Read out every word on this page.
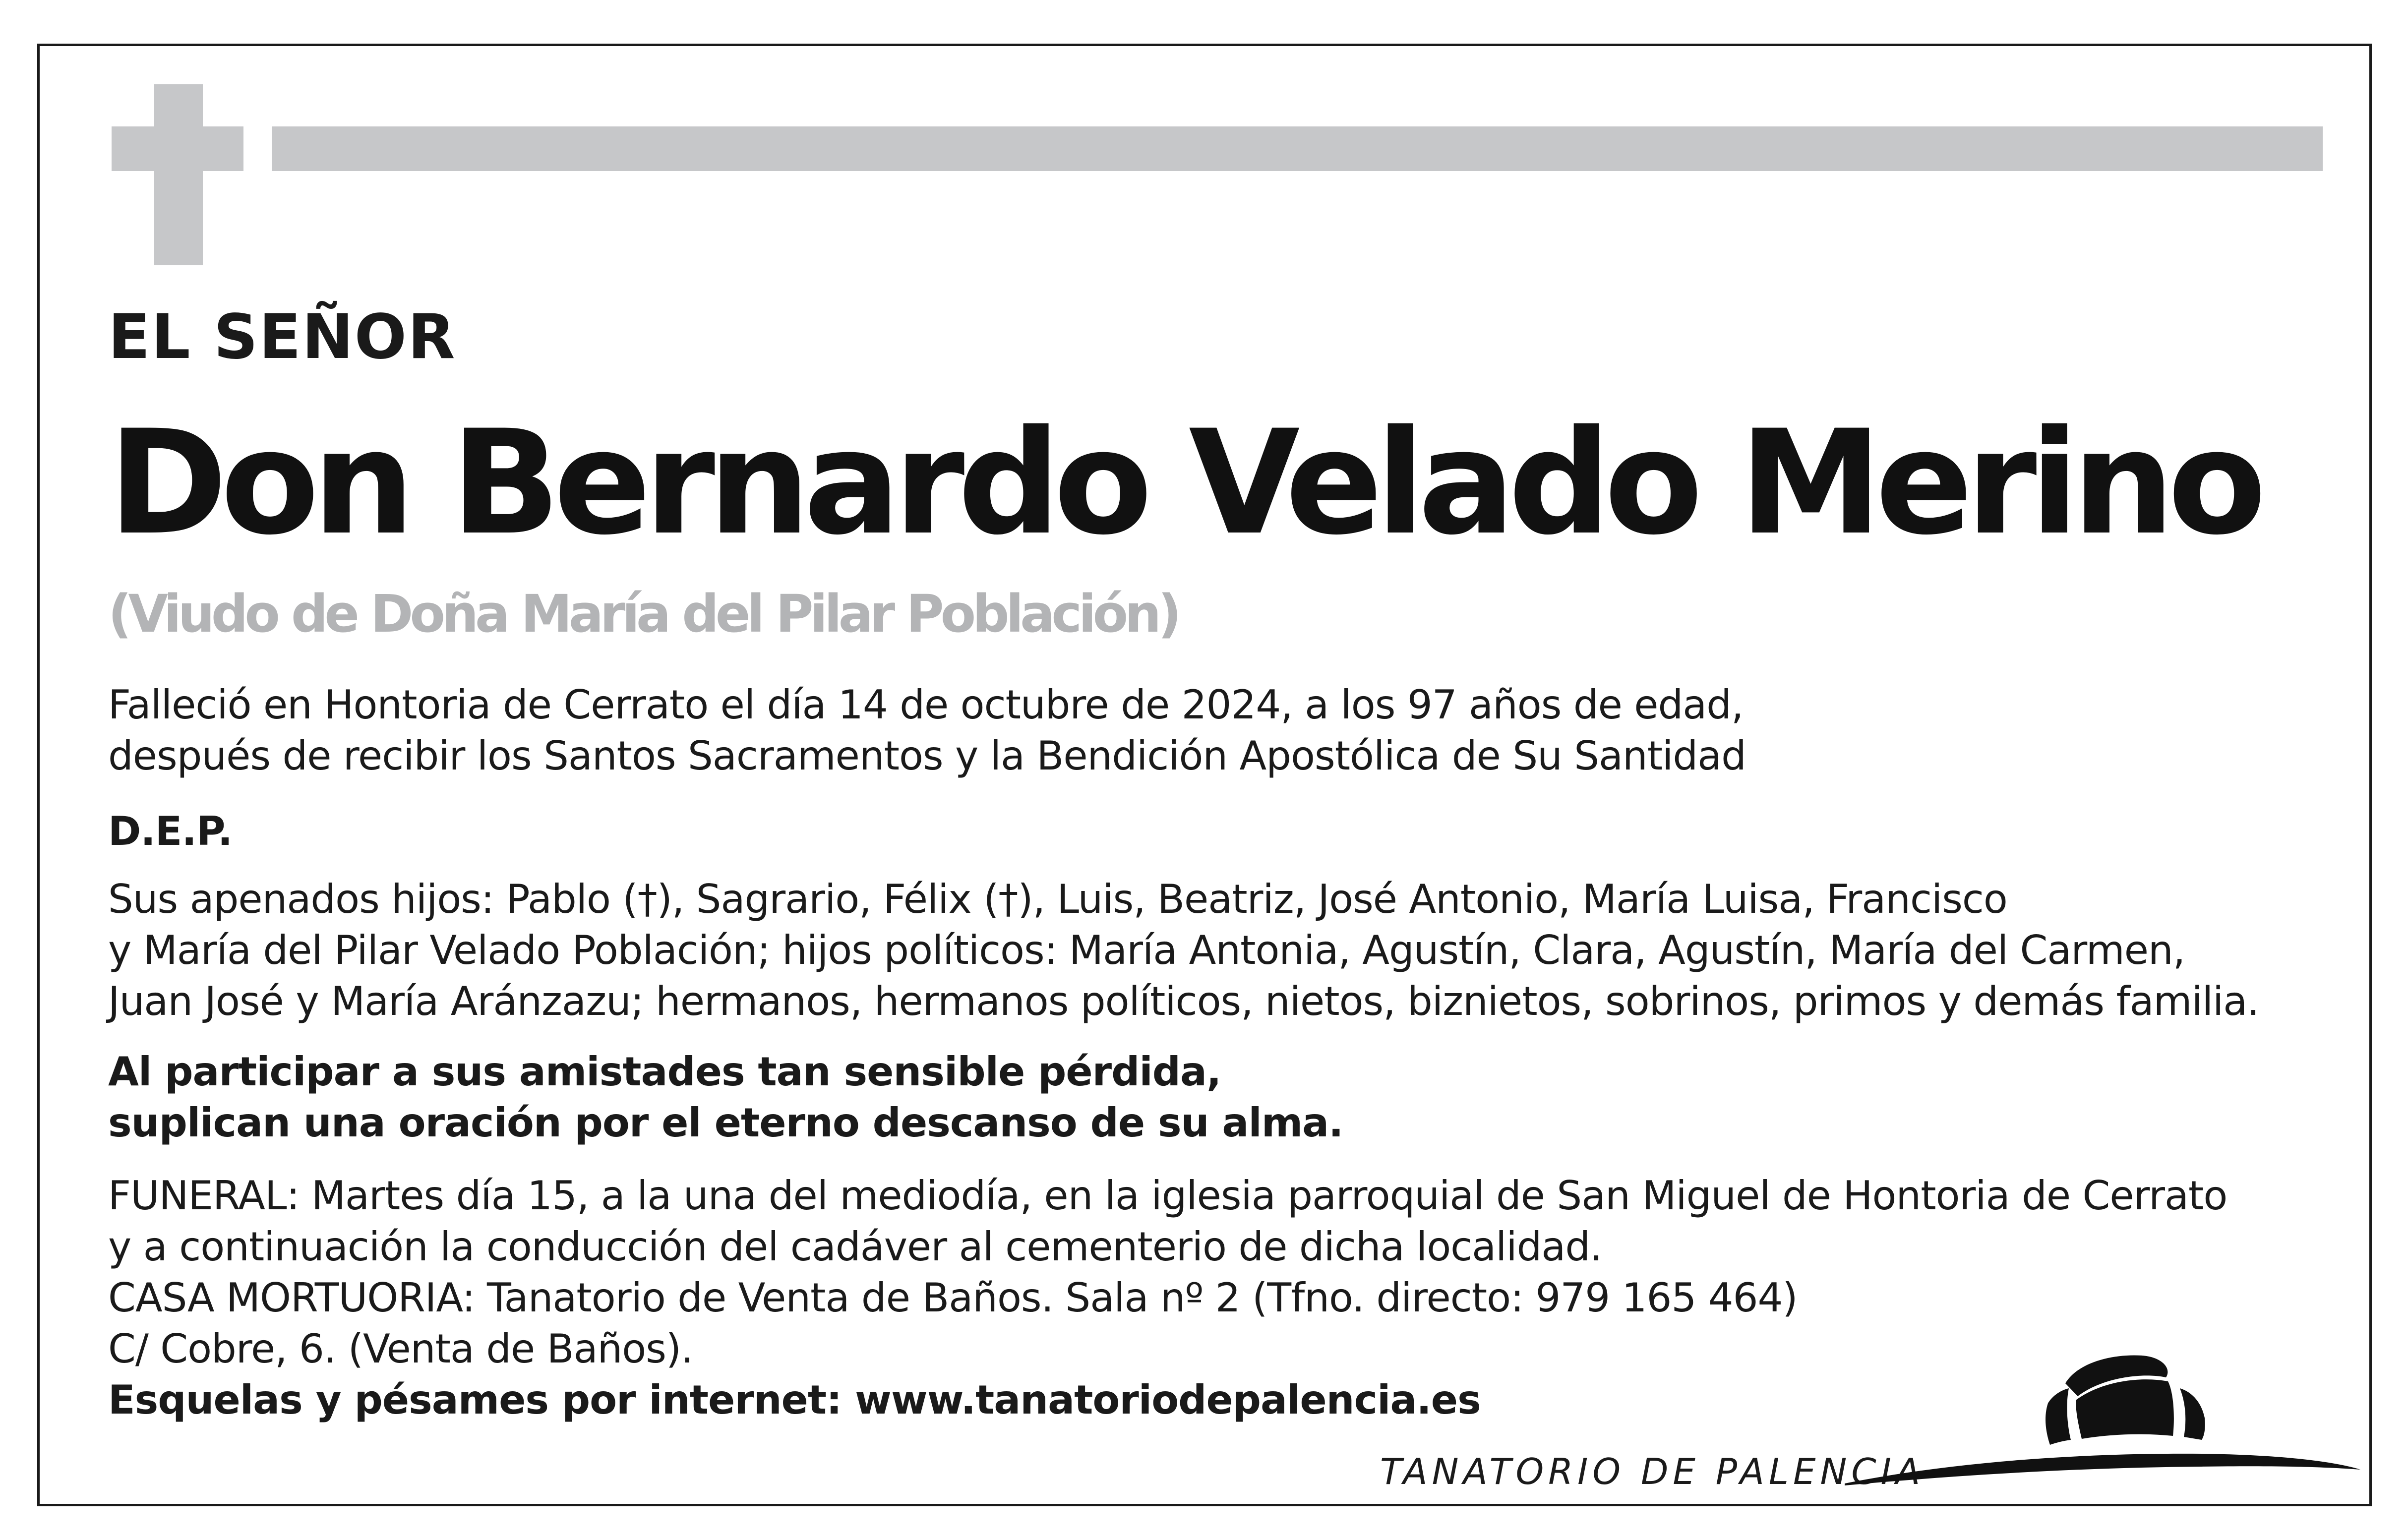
EL SEÑOR
Don Bernardo Velado Merino
(Viudo de Doña María del Pilar Población)
Falleció en Hontoria de Cerrato el día 14 de octubre de 2024, a los 97 años de edad,
después de recibir los Santos Sacramentos y la Bendición Apostólica de Su Santidad
D.E.P.
Sus apenados hijos: Pablo (†), Sagrario, Félix (†), Luis, Beatriz, José Antonio, María Luisa, Francisco
y María del Pilar Velado Población; hijos políticos: María Antonia, Agustín, Clara, Agustín, María del Carmen,
Juan José y María Aránzazu; hermanos, hermanos políticos, nietos, biznietos, sobrinos, primos y demás familia.
Al participar a sus amistades tan sensible pérdida,
suplican una oración por el eterno descanso de su alma.
FUNERAL: Martes día 15, a la una del mediodía, en la iglesia parroquial de San Miguel de Hontoria de Cerrato
y a continuación la conducción del cadáver al cementerio de dicha localidad.
CASA MORTUORIA: Tanatorio de Venta de Baños. Sala nº 2 (Tfno. directo: 979 165 464)
C/ Cobre, 6. (Venta de Baños).
Esquelas y pésames por internet: www.tanatoriodepalencia.es
TANATORIO DE PALENCIA
